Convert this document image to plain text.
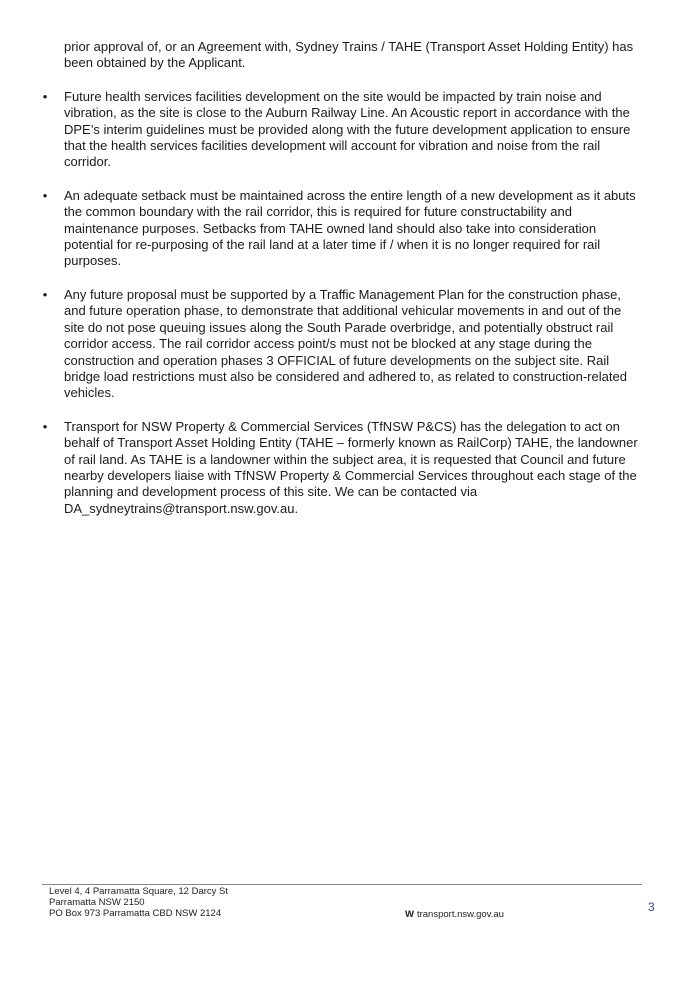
prior approval of, or an Agreement with, Sydney Trains / TAHE (Transport Asset Holding Entity) has been obtained by the Applicant.

• Future health services facilities development on the site would be impacted by train noise and vibration, as the site is close to the Auburn Railway Line. An Acoustic report in accordance with the DPE’s interim guidelines must be provided along with the future development application to ensure that the health services facilities development will account for vibration and noise from the rail corridor.
• An adequate setback must be maintained across the entire length of a new development as it abuts the common boundary with the rail corridor, this is required for future constructability and maintenance purposes. Setbacks from TAHE owned land should also take into consideration potential for re-purposing of the rail land at a later time if / when it is no longer required for rail purposes.
• Any future proposal must be supported by a Traffic Management Plan for the construction phase, and future operation phase, to demonstrate that additional vehicular movements in and out of the site do not pose queuing issues along the South Parade overbridge, and potentially obstruct rail corridor access. The rail corridor access point/s must not be blocked at any stage during the construction and operation phases 3 OFFICIAL of future developments on the subject site. Rail bridge load restrictions must also be considered and adhered to, as related to construction-related vehicles.
• Transport for NSW Property & Commercial Services (TfNSW P&CS) has the delegation to act on behalf of Transport Asset Holding Entity (TAHE – formerly known as RailCorp) TAHE, the landowner of rail land. As TAHE is a landowner within the subject area, it is requested that Council and future nearby developers liaise with TfNSW Property & Commercial Services throughout each stage of the planning and development process of this site. We can be contacted via DA_sydneytrains@transport.nsw.gov.au.
Level 4, 4 Parramatta Square, 12 Darcy St
Parramatta NSW 2150
PO Box 973 Parramatta CBD NSW 2124	W transport.nsw.gov.au
3
